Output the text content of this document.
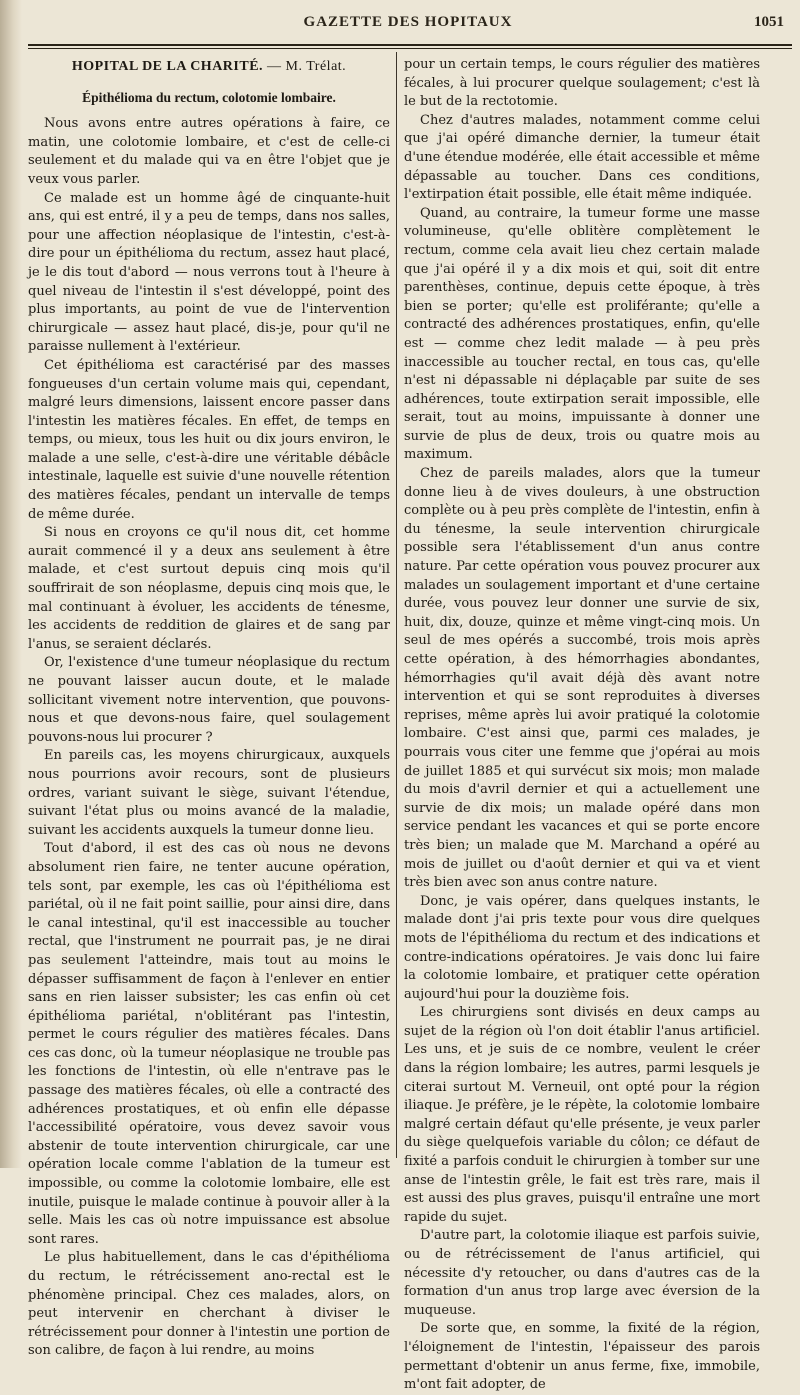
GAZETTE DES HOPITAUX	1051
HOPITAL DE LA CHARITÉ. — M. Trélat.
Épithélioma du rectum, colotomie lombaire.

Nous avons entre autres opérations à faire, ce matin, une colotomie lombaire, et c'est de celle-ci seulement et du malade qui va en être l'objet que je veux vous parler.

Ce malade est un homme âgé de cinquante-huit ans, qui est entré, il y a peu de temps, dans nos salles, pour une affection néoplasique de l'intestin, c'est-à-dire pour un épithélioma du rectum, assez haut placé, je le dis tout d'abord — nous verrons tout à l'heure à quel niveau de l'intestin il s'est développé, point des plus importants, au point de vue de l'intervention chirurgicale — assez haut placé, dis-je, pour qu'il ne paraisse nullement à l'extérieur.

Cet épithélioma est caractérisé par des masses fongueuses d'un certain volume mais qui, cependant, malgré leurs dimensions, laissent encore passer dans l'intestin les matières fécales. En effet, de temps en temps, ou mieux, tous les huit ou dix jours environ, le malade a une selle, c'est-à-dire une véritable débâcle intestinale, laquelle est suivie d'une nouvelle rétention des matières fécales, pendant un intervalle de temps de même durée.

Si nous en croyons ce qu'il nous dit, cet homme aurait commencé il y a deux ans seulement à être malade, et c'est surtout depuis cinq mois qu'il souffrirait de son néoplasme, depuis cinq mois que, le mal continuant à évoluer, les accidents de ténesme, les accidents de reddition de glaires et de sang par l'anus, se seraient déclarés.

Or, l'existence d'une tumeur néoplasique du rectum ne pouvant laisser aucun doute, et le malade sollicitant vivement notre intervention, que pouvons-nous et que devons-nous faire, quel soulagement pouvons-nous lui procurer ?

En pareils cas, les moyens chirurgicaux, auxquels nous pourrions avoir recours, sont de plusieurs ordres, variant suivant le siège, suivant l'étendue, suivant l'état plus ou moins avancé de la maladie, suivant les accidents auxquels la tumeur donne lieu.

Tout d'abord, il est des cas où nous ne devons absolument rien faire, ne tenter aucune opération, tels sont, par exemple, les cas où l'épithélioma est pariétal, où il ne fait point saillie, pour ainsi dire, dans le canal intestinal, qu'il est inaccessible au toucher rectal, que l'instrument ne pourrait pas, je ne dirai pas seulement l'atteindre, mais tout au moins le dépasser suffisamment de façon à l'enlever en entier sans en rien laisser subsister; les cas enfin où cet épithélioma pariétal, n'oblitérant pas l'intestin, permet le cours régulier des matières fécales. Dans ces cas donc, où la tumeur néoplasique ne trouble pas les fonctions de l'intestin, où elle n'entrave pas le passage des matières fécales, où elle a contracté des adhérences prostatiques, et où enfin elle dépasse l'accessibilité opératoire, vous devez savoir vous abstenir de toute intervention chirurgicale, car une opération locale comme l'ablation de la tumeur est impossible, ou comme la colotomie lombaire, elle est inutile, puisque le malade continue à pouvoir aller à la selle. Mais les cas où notre impuissance est absolue sont rares.

Le plus habituellement, dans le cas d'épithélioma du rectum, le rétrécissement ano-rectal est le phénomène principal. Chez ces malades, alors, on peut intervenir en cherchant à diviser le rétrécissement pour donner à l'intestin une portion de son calibre, de façon à lui rendre, au moins

pour un certain temps, le cours régulier des matières fécales, à lui procurer quelque soulagement; c'est là le but de la rectotomie.

Chez d'autres malades, notamment comme celui que j'ai opéré dimanche dernier, la tumeur était d'une étendue modérée, elle était accessible et même dépassable au toucher. Dans ces conditions, l'extirpation était possible, elle était même indiquée.

Quand, au contraire, la tumeur forme une masse volumineuse, qu'elle oblitère complètement le rectum, comme cela avait lieu chez certain malade que j'ai opéré il y a dix mois et qui, soit dit entre parenthèses, continue, depuis cette époque, à très bien se porter; qu'elle est proliférante; qu'elle a contracté des adhérences prostatiques, enfin, qu'elle est — comme chez ledit malade — à peu près inaccessible au toucher rectal, en tous cas, qu'elle n'est ni dépassable ni déplaçable par suite de ses adhérences, toute extirpation serait impossible, elle serait, tout au moins, impuissante à donner une survie de plus de deux, trois ou quatre mois au maximum.

Chez de pareils malades, alors que la tumeur donne lieu à de vives douleurs, à une obstruction complète ou à peu près complète de l'intestin, enfin à du ténesme, la seule intervention chirurgicale possible sera l'établissement d'un anus contre nature. Par cette opération vous pouvez procurer aux malades un soulagement important et d'une certaine durée, vous pouvez leur donner une survie de six, huit, dix, douze, quinze et même vingt-cinq mois. Un seul de mes opérés a succombé, trois mois après cette opération, à des hémorrhagies abondantes, hémorrhagies qu'il avait déjà dès avant notre intervention et qui se sont reproduites à diverses reprises, même après lui avoir pratiqué la colotomie lombaire. C'est ainsi que, parmi ces malades, je pourrais vous citer une femme que j'opérai au mois de juillet 1885 et qui survécut six mois; mon malade du mois d'avril dernier et qui a actuellement une survie de dix mois; un malade opéré dans mon service pendant les vacances et qui se porte encore très bien; un malade que M. Marchand a opéré au mois de juillet ou d'août dernier et qui va et vient très bien avec son anus contre nature.

Donc, je vais opérer, dans quelques instants, le malade dont j'ai pris texte pour vous dire quelques mots de l'épithélioma du rectum et des indications et contre-indications opératoires. Je vais donc lui faire la colotomie lombaire, et pratiquer cette opération aujourd'hui pour la douzième fois.

Les chirurgiens sont divisés en deux camps au sujet de la région où l'on doit établir l'anus artificiel. Les uns, et je suis de ce nombre, veulent le créer dans la région lombaire; les autres, parmi lesquels je citerai surtout M. Verneuil, ont opté pour la région iliaque. Je préfère, je le répète, la colotomie lombaire malgré certain défaut qu'elle présente, je veux parler du siège quelquefois variable du côlon; ce défaut de fixité a parfois conduit le chirurgien à tomber sur une anse de l'intestin grêle, le fait est très rare, mais il est aussi des plus graves, puisqu'il entraîne une mort rapide du sujet.

D'autre part, la colotomie iliaque est parfois suivie, ou de rétrécissement de l'anus artificiel, qui nécessite d'y retoucher, ou dans d'autres cas de la formation d'un anus trop large avec éversion de la muqueuse.

De sorte que, en somme, la fixité de la région, l'éloignement de l'intestin, l'épaisseur des parois permettant d'obtenir un anus ferme, fixe, immobile, m'ont fait adopter, de
